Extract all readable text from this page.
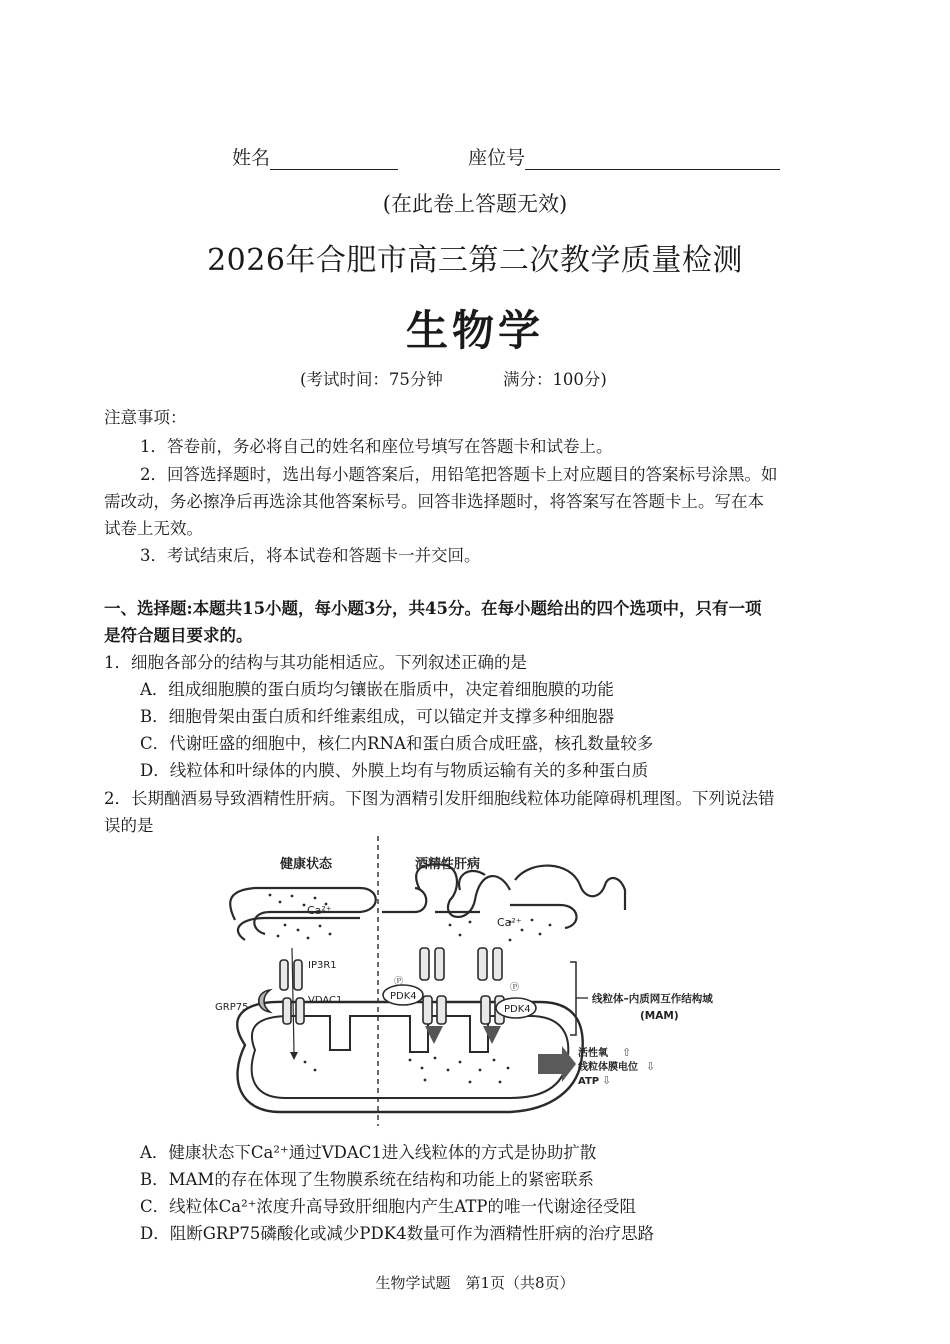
姓名	座位号
(在此卷上答题无效)
2026年合肥市高三第二次教学质量检测
生物学
(考试时间：75分钟	满分：100分)
注意事项：
1．答卷前，务必将自己的姓名和座位号填写在答题卡和试卷上。
2．回答选择题时，选出每小题答案后，用铅笔把答题卡上对应题目的答案标号涂黑。如
需改动，务必擦净后再选涂其他答案标号。回答非选择题时，将答案写在答题卡上。写在本
试卷上无效。
3．考试结束后，将本试卷和答题卡一并交回。
一、选择题:本题共15小题，每小题3分，共45分。在每小题给出的四个选项中，只有一项
是符合题目要求的。
1．细胞各部分的结构与其功能相适应。下列叙述正确的是
A．组成细胞膜的蛋白质均匀镶嵌在脂质中，决定着细胞膜的功能
B．细胞骨架由蛋白质和纤维素组成，可以锚定并支撑多种细胞器
C．代谢旺盛的细胞中，核仁内RNA和蛋白质合成旺盛，核孔数量较多
D．线粒体和叶绿体的内膜、外膜上均有与物质运输有关的多种蛋白质
2．长期酗酒易导致酒精性肝病。下图为酒精引发肝细胞线粒体功能障碍机理图。下列说法错
误的是
健康状态	酒精性肝病
Ca²⁺
Ca²⁺
IP3R1
GRP75
VDAC1	PDK4
Ⓟ
PDK4
Ⓟ
线粒体–内质网互作结构域
(MAM)
活性氧 ⇧
线粒体膜电位 ⇩
ATP ⇩
A．健康状态下Ca²⁺通过VDAC1进入线粒体的方式是协助扩散
B．MAM的存在体现了生物膜系统在结构和功能上的紧密联系
C．线粒体Ca²⁺浓度升高导致肝细胞内产生ATP的唯一代谢途径受阻
D．阻断GRP75磷酸化或减少PDK4数量可作为酒精性肝病的治疗思路
生物学试题　第1页（共8页）
